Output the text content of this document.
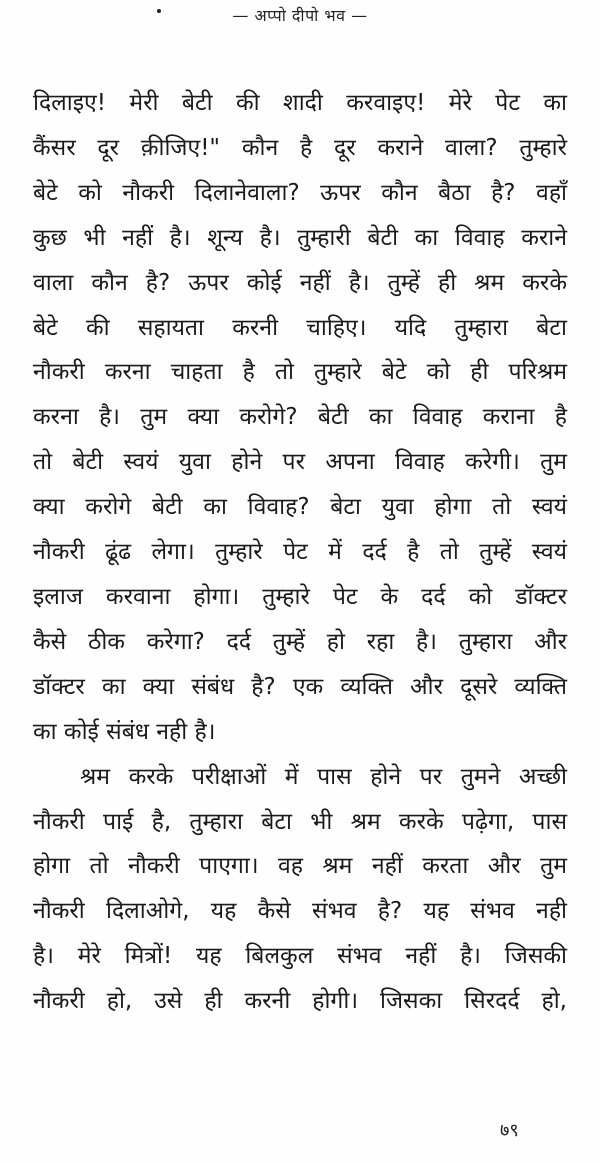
— अप्पो दीपो भव —
दिलाइए! मेरी बेटी की शादी करवाइए! मेरे पेट का
कैंसर दूर क़ीजिए!" कौन है दूर कराने वाला? तुम्हारे
बेटे को नौकरी दिलानेवाला? ऊपर कौन बैठा है? वहाँ
कुछ भी नहीं है। शून्य है। तुम्हारी बेटी का विवाह कराने
वाला कौन है? ऊपर कोई नहीं है। तुम्हें ही श्रम करके
बेटे की सहायता करनी चाहिए। यदि तुम्हारा बेटा
नौकरी करना चाहता है तो तुम्हारे बेटे को ही परिश्रम
करना है। तुम क्या करोगे? बेटी का विवाह कराना है
तो बेटी स्वयं युवा होने पर अपना विवाह करेगी। तुम
क्या करोगे बेटी का विवाह? बेटा युवा होगा तो स्वयं
नौकरी ढूंढ लेगा। तुम्हारे पेट में दर्द है तो तुम्हें स्वयं
इलाज करवाना होगा। तुम्हारे पेट के दर्द को डॉक्टर
कैसे ठीक करेगा? दर्द तुम्हें हो रहा है। तुम्हारा और
डॉक्टर का क्या संबंध है? एक व्यक्ति और दूसरे व्यक्ति
का कोई संबंध नही है।
श्रम करके परीक्षाओं में पास होने पर तुमने अच्छी
नौकरी पाई है, तुम्हारा बेटा भी श्रम करके पढ़ेगा, पास
होगा तो नौकरी पाएगा। वह श्रम नहीं करता और तुम
नौकरी दिलाओगे, यह कैसे संभव है? यह संभव नही
है। मेरे मित्रों! यह बिलकुल संभव नहीं है। जिसकी
नौकरी हो, उसे ही करनी होगी। जिसका सिरदर्द हो,
७९
